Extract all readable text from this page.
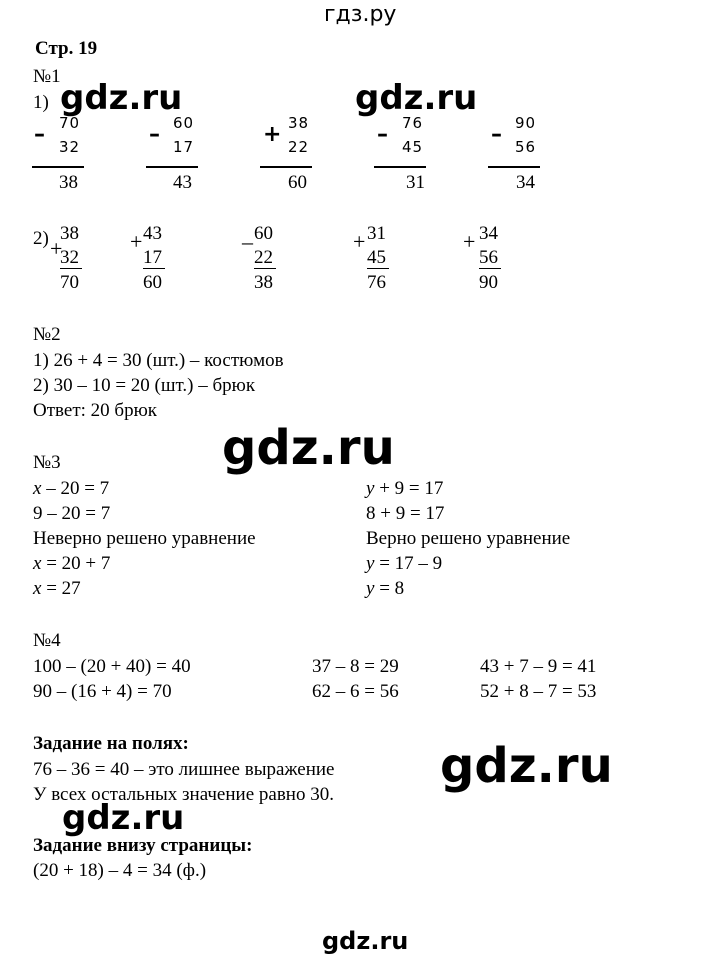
гдз.ру
Стр. 19
№1
1) gdz.ru	gdz.ru
– 70
32
38
– 60
17
43
+ 38
22
60
– 76
45
31
– 90
56
34
2) +
38
32
70
+ 43
17
60
– 60
22
38
+ 31
45
76
+ 34
56
90
№2
1) 26 + 4 = 30 (шт.) – костюмов
2) 30 – 10 = 20 (шт.) – брюк
Ответ: 20 брюк
gdz.ru
№3
x – 20 = 7
9 – 20 = 7
Неверно решено уравнение
x = 20 + 7
x = 27
y + 9 = 17
8 + 9 = 17
Верно решено уравнение
y = 17 – 9
y = 8
№4
100 – (20 + 40) = 40	37 – 8 = 29	43 + 7 – 9 = 41
90 – (16 + 4) = 70	62 – 6 = 56	52 + 8 – 7 = 53
Задание на полях:
76 – 36 = 40 – это лишнее выражение
У всех остальных значение равно 30.
gdz.ru
gdz.ru
Задание внизу страницы:
(20 + 18) – 4 = 34 (ф.)
gdz.ru
